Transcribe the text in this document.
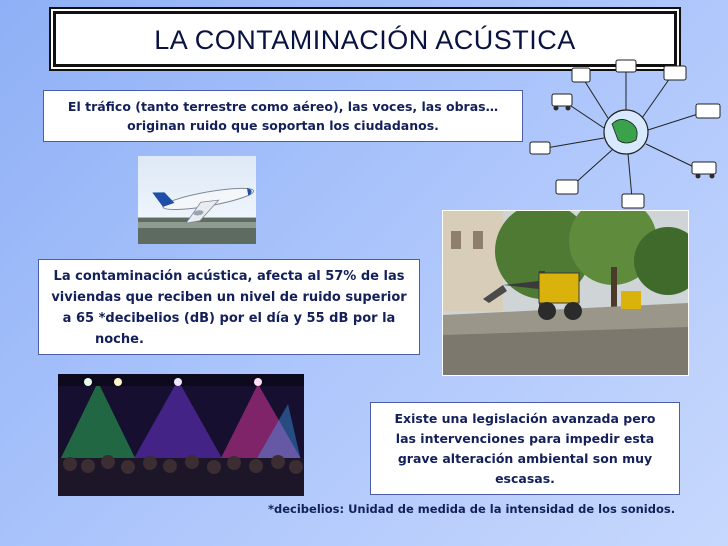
LA CONTAMINACIÓN ACÚSTICA
El tráfico (tanto terrestre como aéreo), las voces, las obras…
originan ruido que soportan los ciudadanos.
La contaminación acústica, afecta al 57% de las
viviendas que reciben un nivel de ruido superior
a 65 *decibelios (dB) por el día y 55 dB por la
noche.
Existe una legislación avanzada pero
las intervenciones para impedir esta
grave alteración ambiental son muy
escasas.
*decibelios: Unidad de medida de la intensidad de los sonidos.
